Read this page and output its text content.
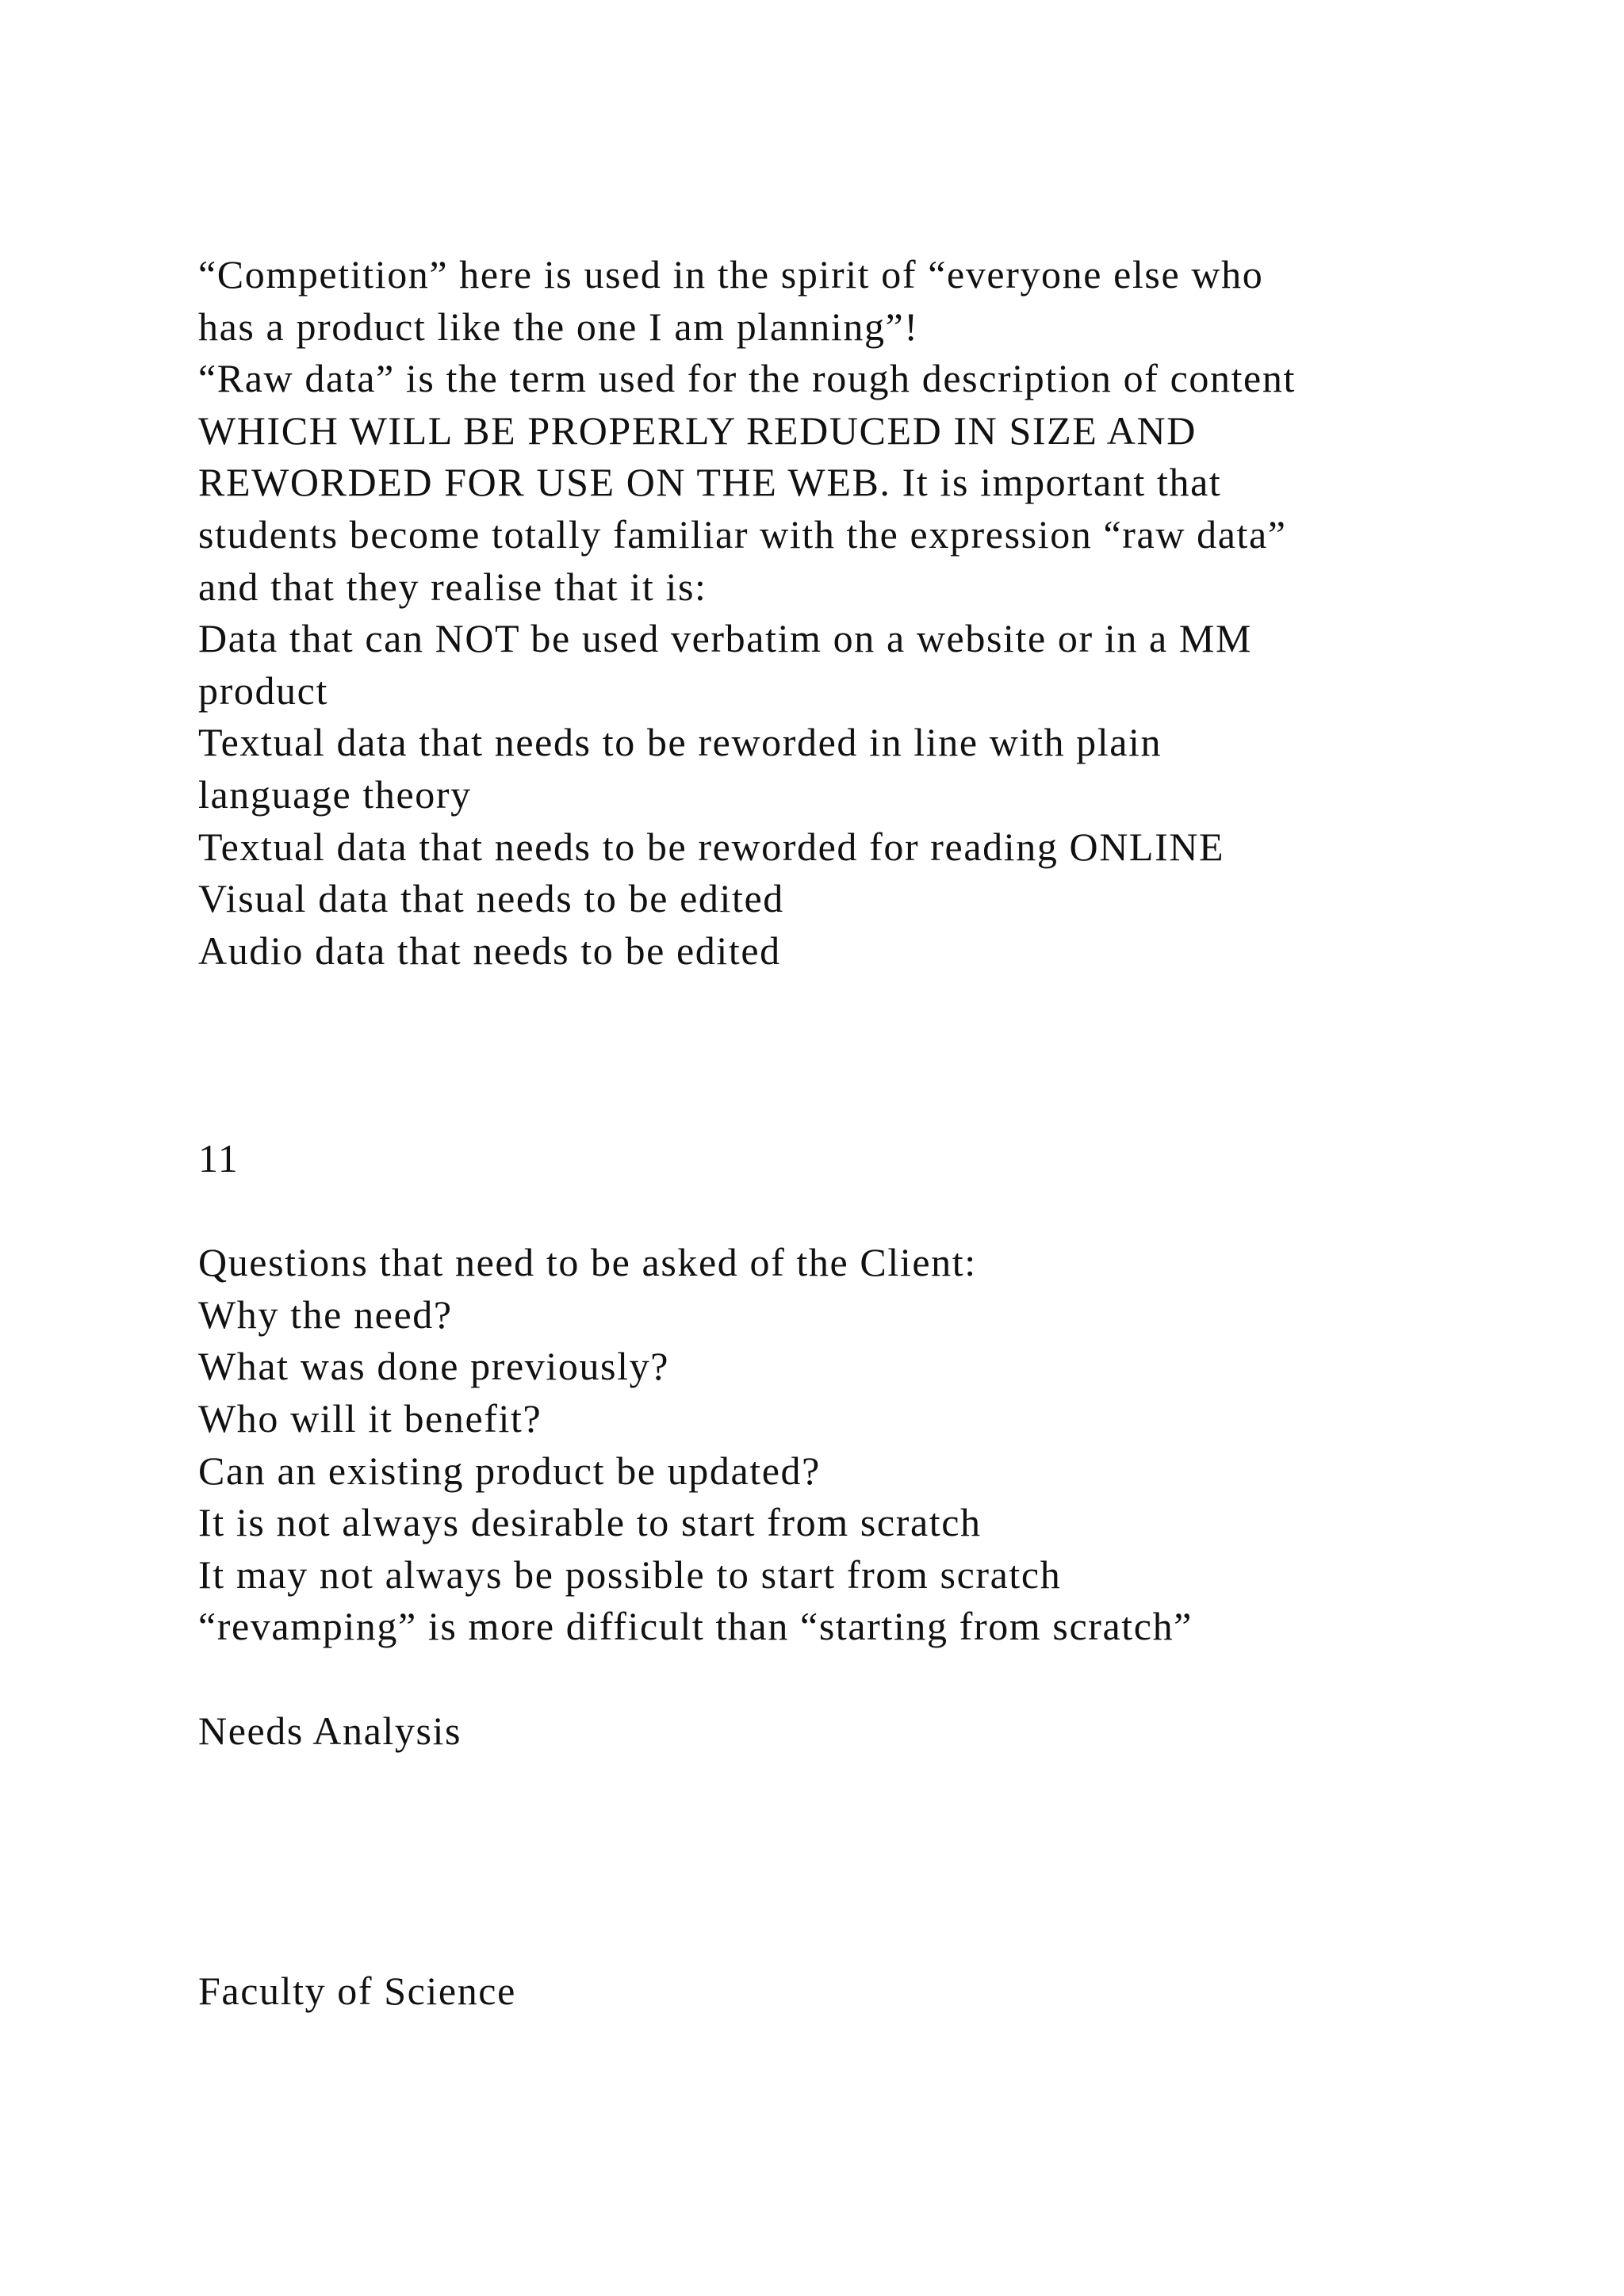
“Competition” here is used in the spirit of “everyone else who
has a product like the one I am planning”!
“Raw data” is the term used for the rough description of content
WHICH WILL BE PROPERLY REDUCED IN SIZE AND
REWORDED FOR USE ON THE WEB. It is important that
students become totally familiar with the expression “raw data”
and that they realise that it is:
Data that can NOT be used verbatim on a website or in a MM
product
Textual data that needs to be reworded in line with plain
language theory
Textual data that needs to be reworded for reading ONLINE
Visual data that needs to be edited
Audio data that needs to be edited
11
Questions that need to be asked of the Client:
Why the need?
What was done previously?
Who will it benefit?
Can an existing product be updated?
It is not always desirable to start from scratch
It may not always be possible to start from scratch
“revamping” is more difficult than “starting from scratch”
Needs Analysis
Faculty of Science
